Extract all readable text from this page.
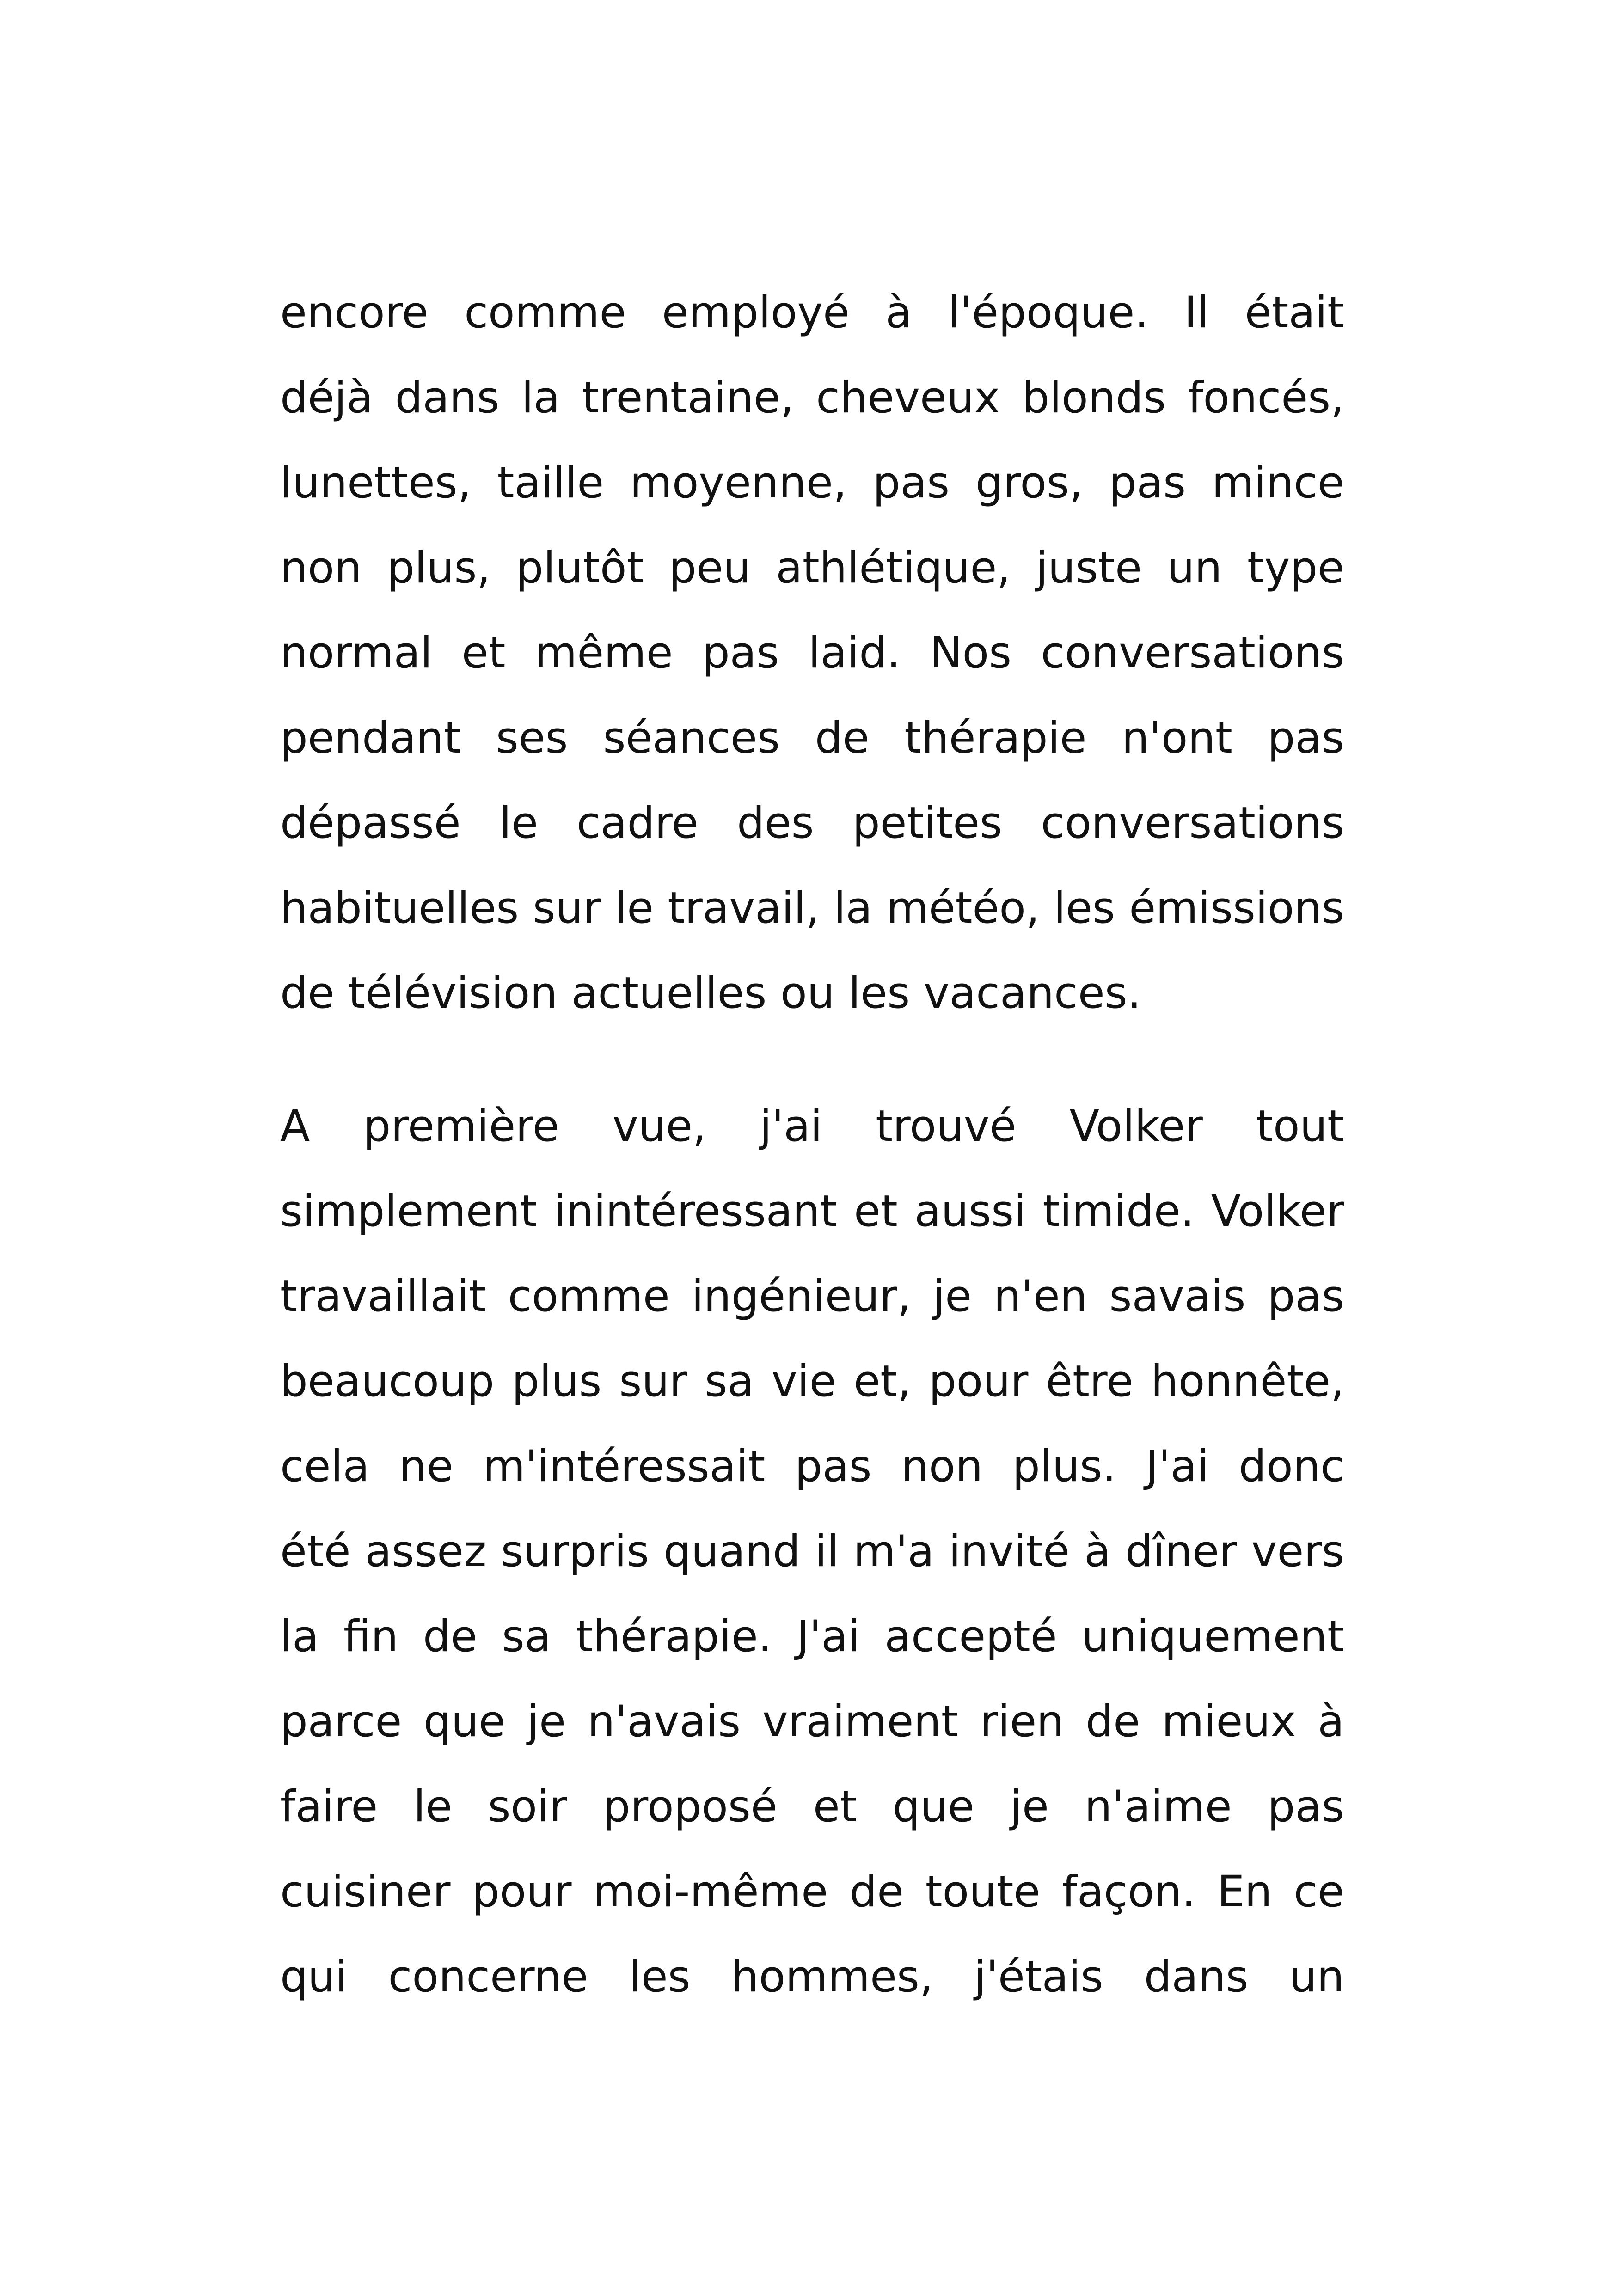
encore comme employé à l'époque. Il était
déjà dans la trentaine, cheveux blonds foncés,
lunettes, taille moyenne, pas gros, pas mince
non plus, plutôt peu athlétique, juste un type
normal et même pas laid. Nos conversations
pendant ses séances de thérapie n'ont pas
dépassé le cadre des petites conversations
habituelles sur le travail, la météo, les émissions
de télévision actuelles ou les vacances.
A première vue, j'ai trouvé Volker tout
simplement inintéressant et aussi timide. Volker
travaillait comme ingénieur, je n'en savais pas
beaucoup plus sur sa vie et, pour être honnête,
cela ne m'intéressait pas non plus. J'ai donc
été assez surpris quand il m'a invité à dîner vers
la fin de sa thérapie. J'ai accepté uniquement
parce que je n'avais vraiment rien de mieux à
faire le soir proposé et que je n'aime pas
cuisiner pour moi-même de toute façon. En ce
qui concerne les hommes, j'étais dans un
